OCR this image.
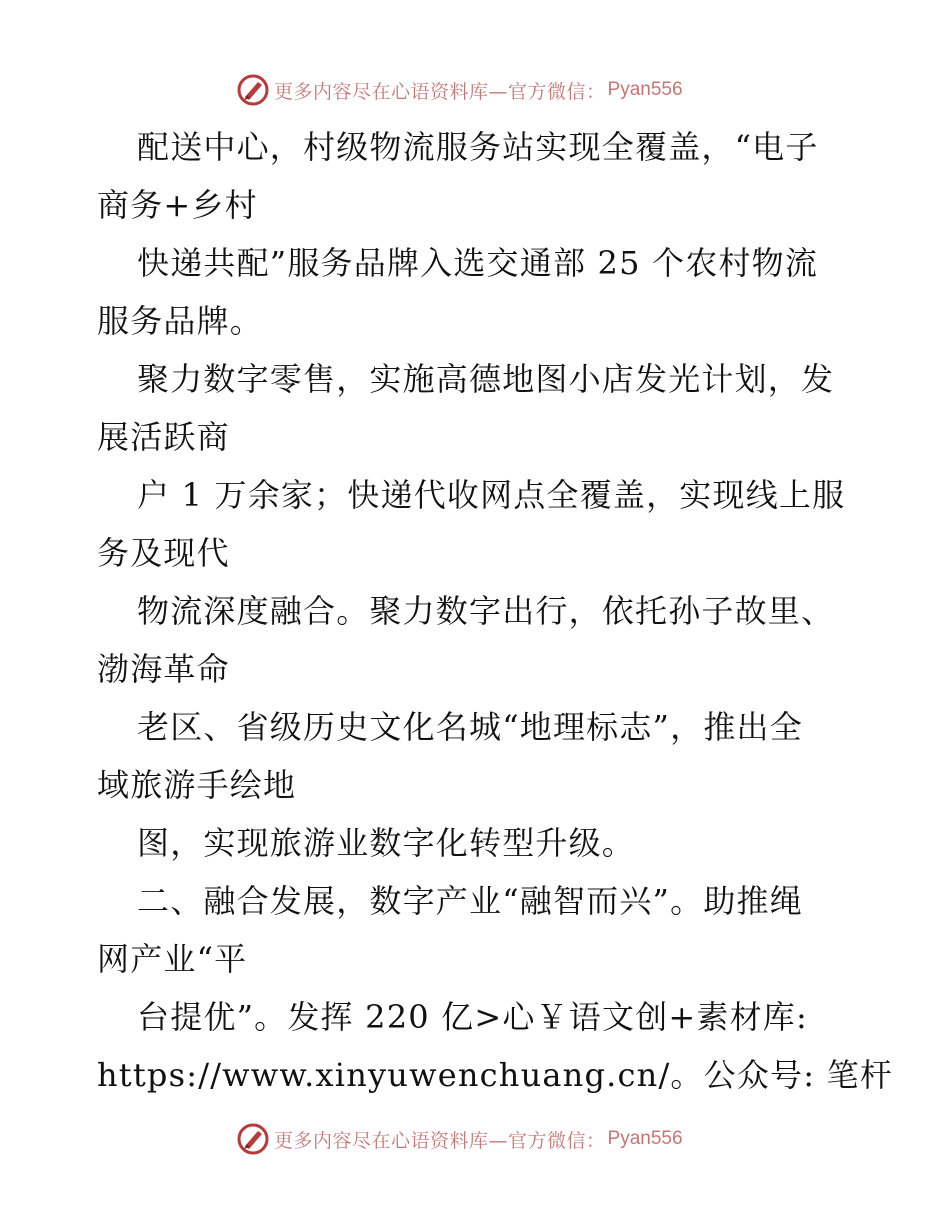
更多内容尽在心语资料库—官方微信： Pyan556
配送中心，村级物流服务站实现全覆盖，“电子
商务+乡村
快递共配”服务品牌入选交通部 25 个农村物流
服务品牌。
聚力数字零售，实施高德地图小店发光计划，发
展活跃商
户 1 万余家；快递代收网点全覆盖，实现线上服
务及现代
物流深度融合。聚力数字出行，依托孙子故里、
渤海革命
老区、省级历史文化名城“地理标志”，推出全
域旅游手绘地
图，实现旅游业数字化转型升级。
二、融合发展，数字产业“融智而兴”。助推绳
网产业“平
台提优”。发挥 220 亿>心￥语文创+素材库:
https://www.xinyuwenchuang.cn/。公众号: 笔杆
更多内容尽在心语资料库—官方微信： Pyan556
